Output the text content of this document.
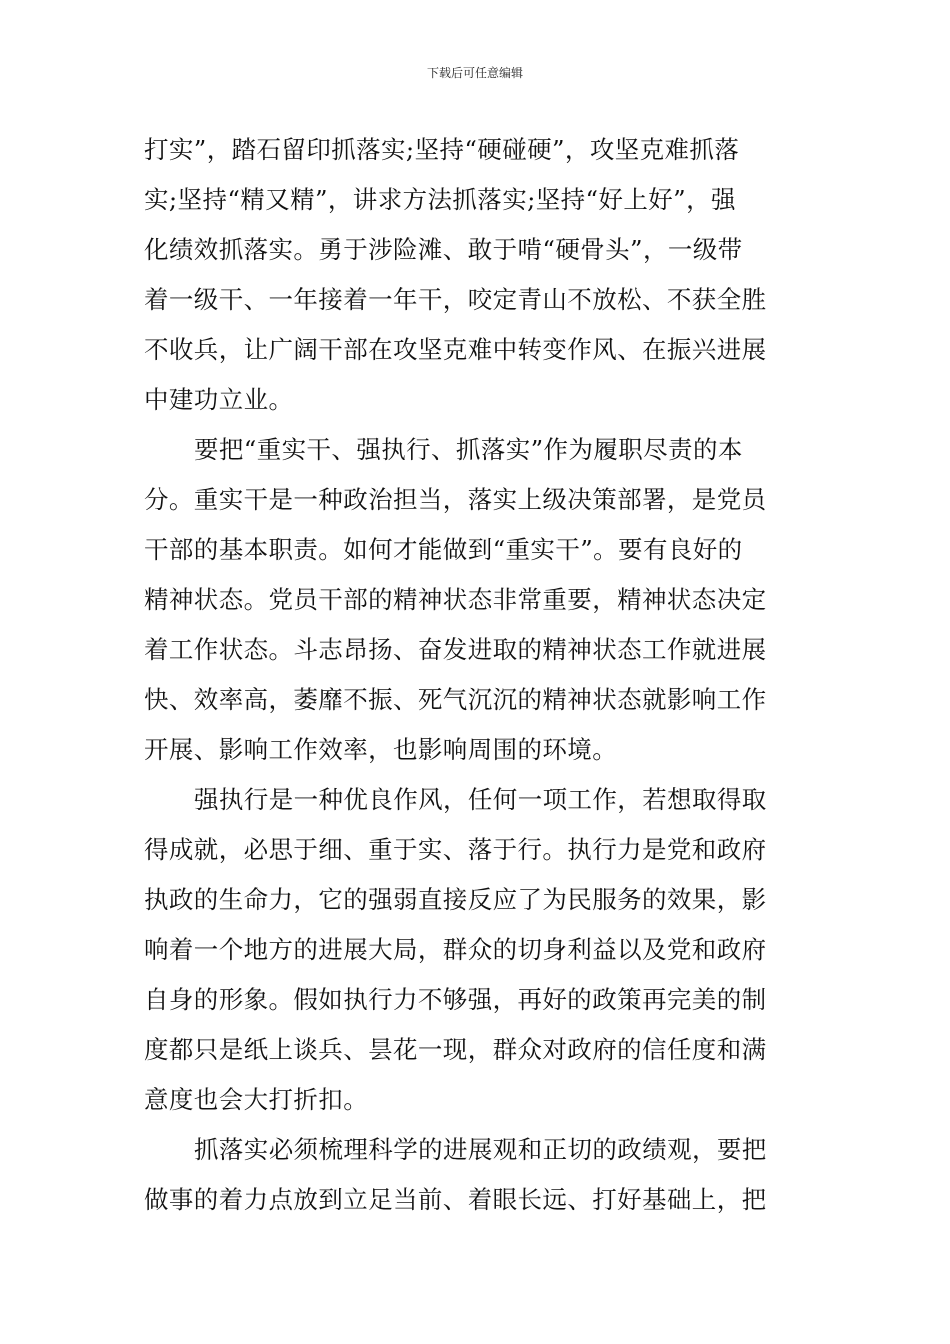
下载后可任意编辑
打实”，踏石留印抓落实;坚持“硬碰硬”，攻坚克难抓落
实;坚持“精又精”，讲求方法抓落实;坚持“好上好”，强
化绩效抓落实。勇于涉险滩、敢于啃“硬骨头”，一级带
着一级干、一年接着一年干，咬定青山不放松、不获全胜
不收兵，让广阔干部在攻坚克难中转变作风、在振兴进展
中建功立业。
要把“重实干、强执行、抓落实”作为履职尽责的本
分。重实干是一种政治担当，落实上级决策部署，是党员
干部的基本职责。如何才能做到“重实干”。要有良好的
精神状态。党员干部的精神状态非常重要，精神状态决定
着工作状态。斗志昂扬、奋发进取的精神状态工作就进展
快、效率高，萎靡不振、死气沉沉的精神状态就影响工作
开展、影响工作效率，也影响周围的环境。
强执行是一种优良作风，任何一项工作，若想取得取
得成就，必思于细、重于实、落于行。执行力是党和政府
执政的生命力，它的强弱直接反应了为民服务的效果，影
响着一个地方的进展大局，群众的切身利益以及党和政府
自身的形象。假如执行力不够强，再好的政策再完美的制
度都只是纸上谈兵、昙花一现，群众对政府的信任度和满
意度也会大打折扣。
抓落实必须梳理科学的进展观和正切的政绩观，要把
做事的着力点放到立足当前、着眼长远、打好基础上，把
